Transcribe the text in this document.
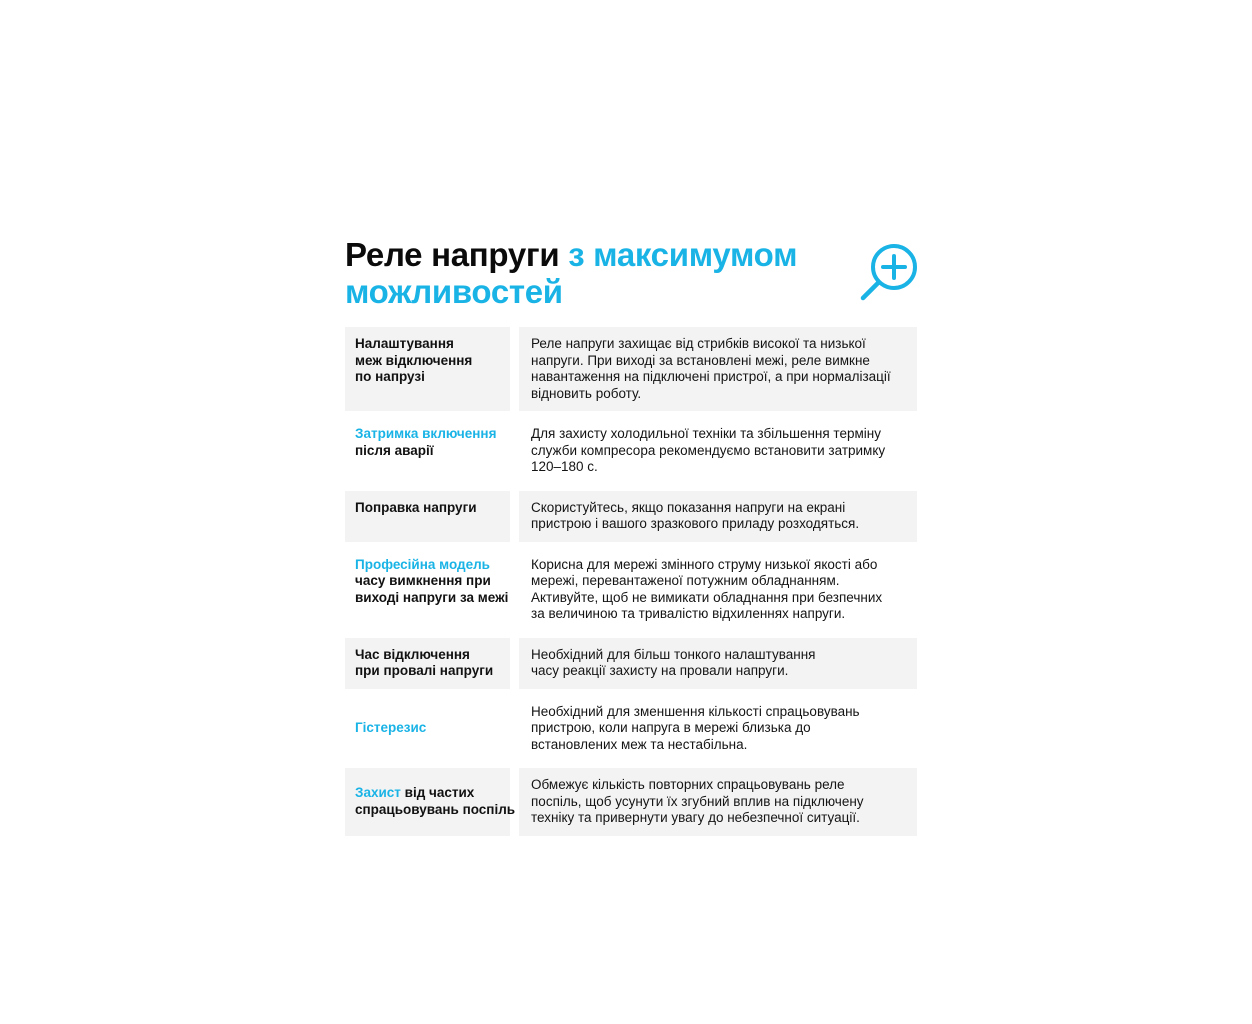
Реле напруги з максимумом
можливостей
Налаштування
меж відключення
по напрузі
Реле напруги захищає від стрибків високої та низької
напруги. При виході за встановлені межі, реле вимкне
навантаження на підключені пристрої, а при нормалізації
відновить роботу.
Затримка включення
після аварії
Для захисту холодильної техніки та збільшення терміну
служби компресора рекомендуємо встановити затримку
120–180 с.
Поправка напруги	Скористуйтесь, якщо показання напруги на екрані
пристрою і вашого зразкового приладу розходяться.
Професійна модель
часу вимкнення при
виході напруги за межі
Корисна для мережі змінного струму низької якості або
мережі, перевантаженої потужним обладнанням.
Активуйте, щоб не вимикати обладнання при безпечних
за величиною та тривалістю відхиленнях напруги.
Час відключення
при провалі напруги
Необхідний для більш тонкого налаштування
часу реакції захисту на провали напруги.
Гістерезис
Необхідний для зменшення кількості спрацьовувань
пристрою, коли напруга в мережі близька до
встановлених меж та нестабільна.
Захист від частих
спрацьовувань поспіль
Обмежує кількість повторних спрацьовувань реле
поспіль, щоб усунути їх згубний вплив на підключену
техніку та привернути увагу до небезпечної ситуації.
